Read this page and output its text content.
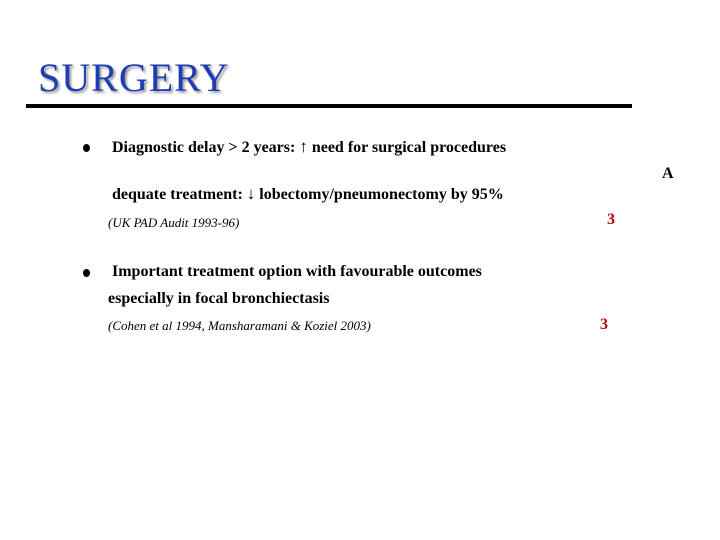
SURGERY
Diagnostic delay > 2 years: ↑ need for surgical procedures
A
dequate treatment: ↓ lobectomy/pneumonectomy by 95%
(UK PAD Audit 1993-96)	3
Important treatment option with favourable outcomes
especially in focal bronchiectasis
(Cohen et al 1994, Mansharamani & Koziel 2003)	3
